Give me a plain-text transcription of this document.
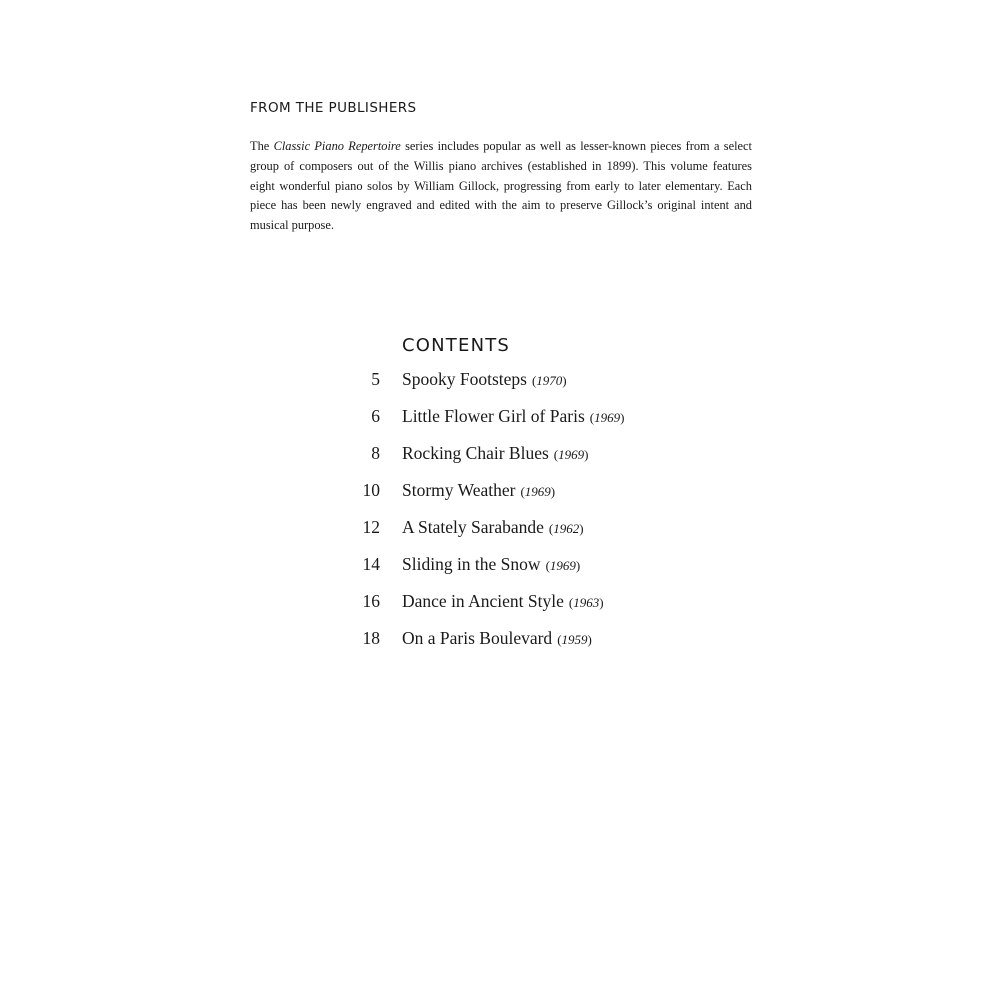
FROM THE PUBLISHERS

The Classic Piano Repertoire series includes popular as well as lesser-known pieces from a select group of composers out of the Willis piano archives (established in 1899). This volume features eight wonderful piano solos by William Gillock, progressing from early to later elementary. Each piece has been newly engraved and edited with the aim to preserve Gillock’s original intent and musical purpose.

CONTENTS
5 Spooky Footsteps (1970)
6 Little Flower Girl of Paris (1969)
8 Rocking Chair Blues (1969)
10 Stormy Weather (1969)
12 A Stately Sarabande (1962)
14 Sliding in the Snow (1969)
16 Dance in Ancient Style (1963)
18 On a Paris Boulevard (1959)
